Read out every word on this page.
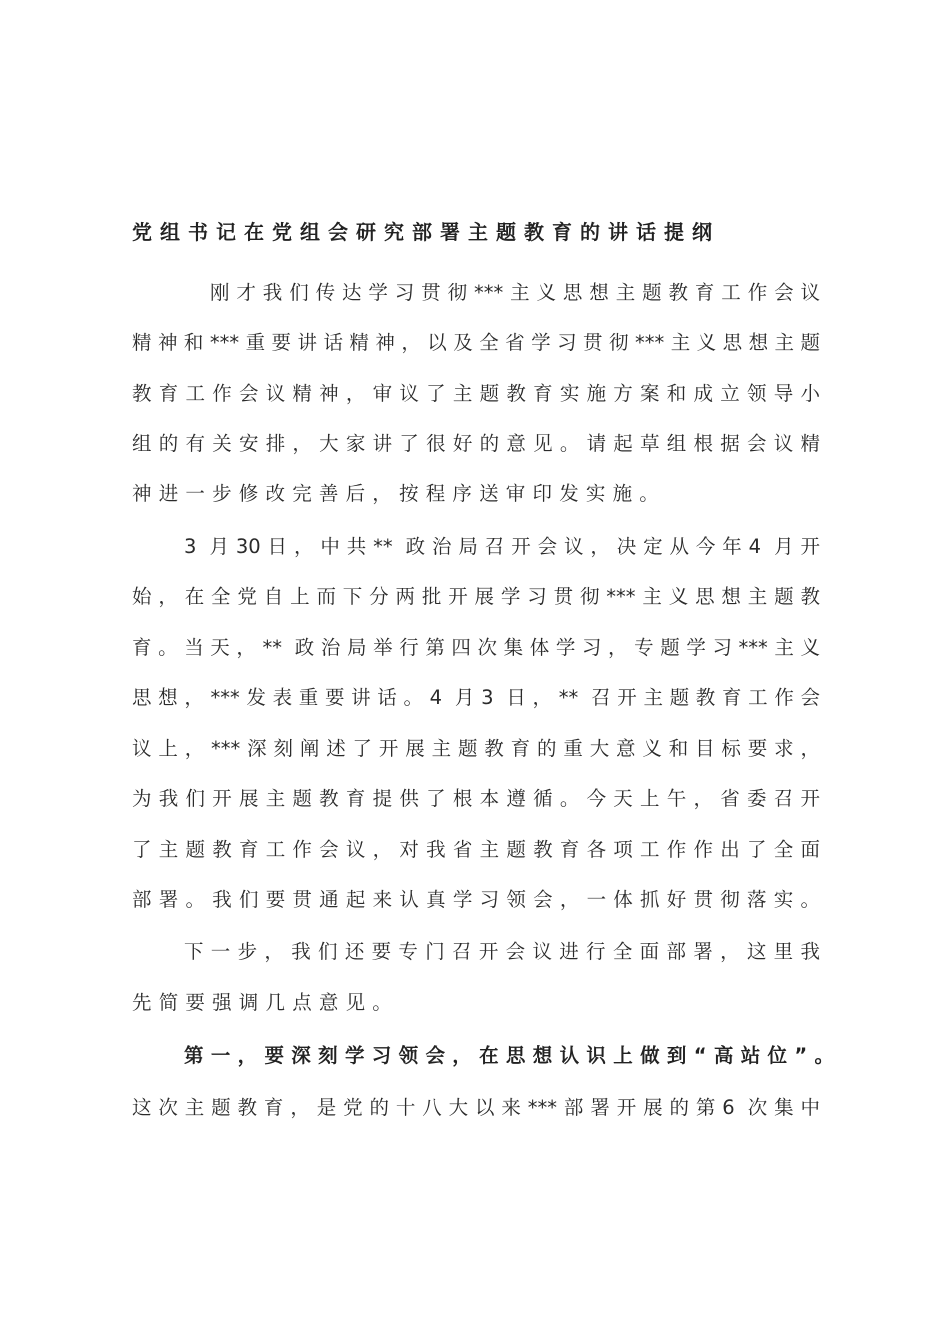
党组书记在党组会研究部署主题教育的讲话提纲
刚才我们传达学习贯彻***主义思想主题教育工作会议
精神和***重要讲话精神，以及全省学习贯彻***主义思想主题
教育工作会议精神，审议了主题教育实施方案和成立领导小
组的有关安排，大家讲了很好的意见。请起草组根据会议精
神进一步修改完善后，按程序送审印发实施。
3 月30日，中共** 政治局召开会议，决定从今年4 月开
始，在全党自上而下分两批开展学习贯彻***主义思想主题教
育。当天，** 政治局举行第四次集体学习，专题学习***主义
思想，***发表重要讲话。4 月3 日，** 召开主题教育工作会
议上，***深刻阐述了开展主题教育的重大意义和目标要求，
为我们开展主题教育提供了根本遵循。今天上午，省委召开
了主题教育工作会议，对我省主题教育各项工作作出了全面
部署。我们要贯通起来认真学习领会，一体抓好贯彻落实。
下一步，我们还要专门召开会议进行全面部署，这里我
先简要强调几点意见。
第一，要深刻学习领会，在思想认识上做到“高站位”。
这次主题教育，是党的十八大以来***部署开展的第6 次集中
